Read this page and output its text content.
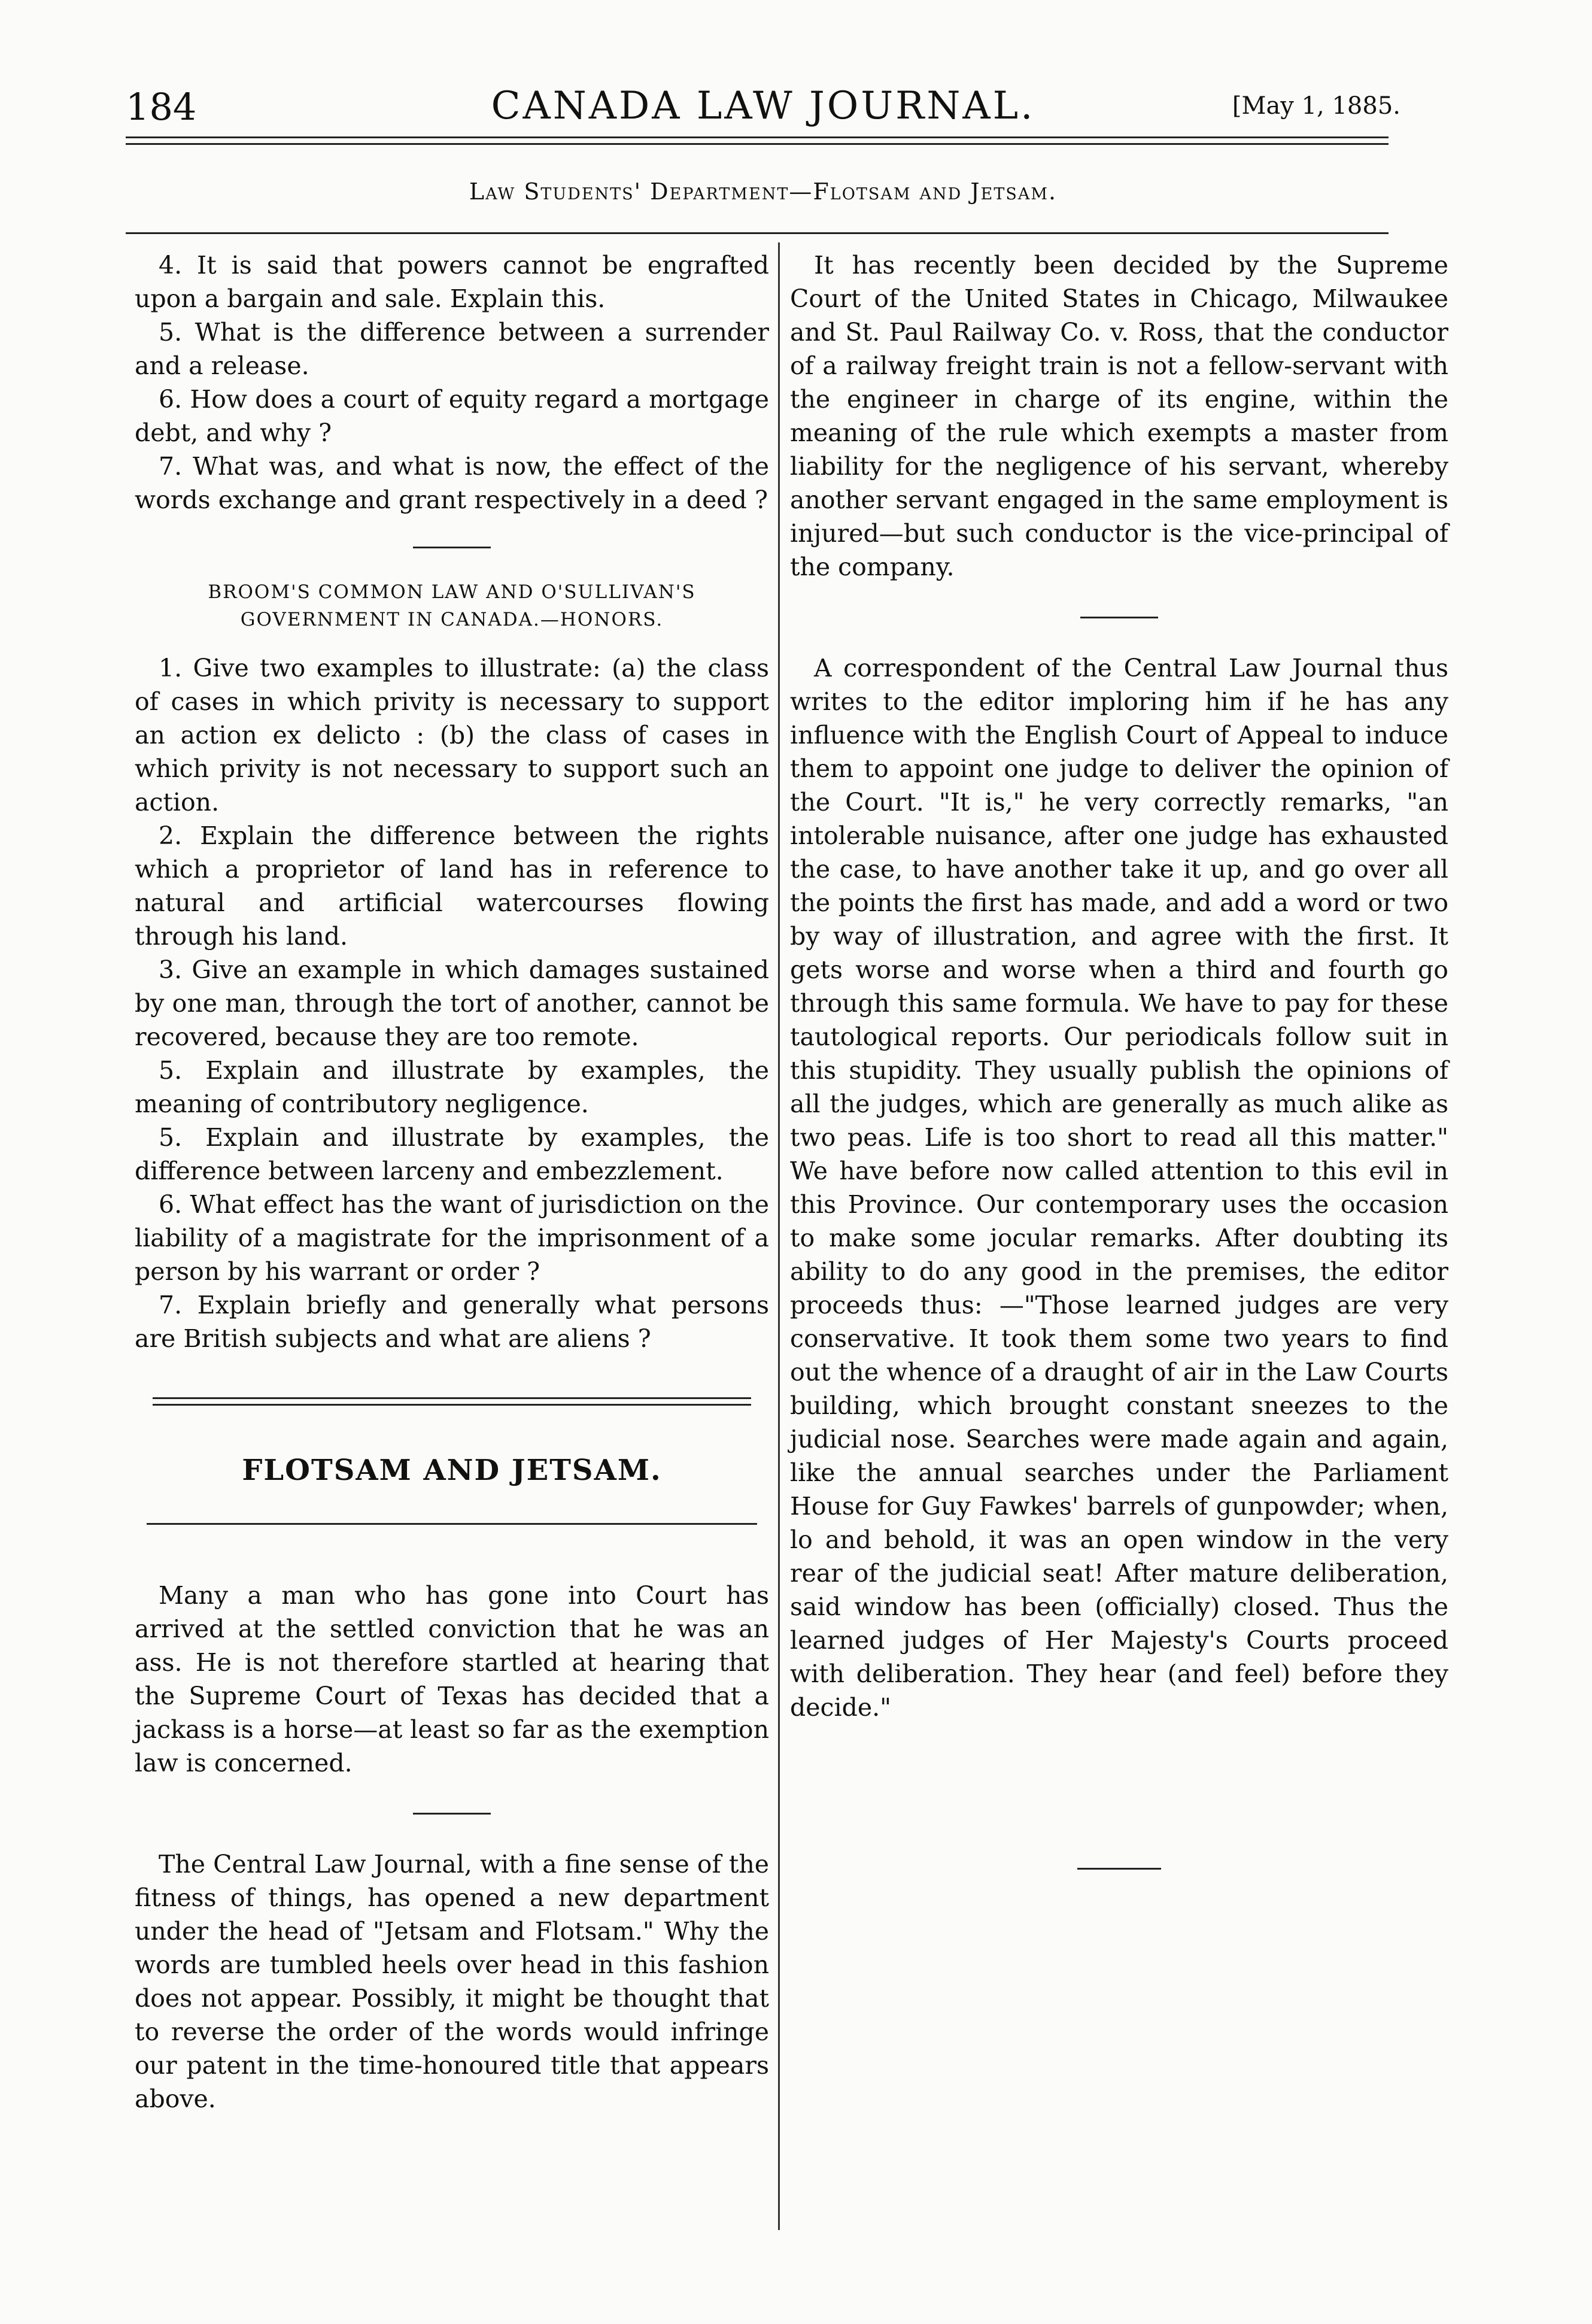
184	CANADA LAW JOURNAL.	[May 1, 1885.
Law Students' Department—Flotsam and Jetsam.

4. It is said that powers cannot be engrafted upon a bargain and sale. Explain this.

5. What is the difference between a surrender and a release.

6. How does a court of equity regard a mortgage debt, and why ?

7. What was, and what is now, the effect of the words exchange and grant respectively in a deed ?

BROOM'S COMMON LAW AND O'SULLIVAN'S GOVERNMENT IN CANADA.—HONORS.

1. Give two examples to illustrate: (a) the class of cases in which privity is necessary to support an action ex delicto : (b) the class of cases in which privity is not necessary to support such an action.

2. Explain the difference between the rights which a proprietor of land has in reference to natural and artificial watercourses flowing through his land.

3. Give an example in which damages sustained by one man, through the tort of another, cannot be recovered, because they are too remote.

5. Explain and illustrate by examples, the meaning of contributory negligence.

5. Explain and illustrate by examples, the difference between larceny and embezzlement.

6. What effect has the want of jurisdiction on the liability of a magistrate for the imprisonment of a person by his warrant or order ?

7. Explain briefly and generally what persons are British subjects and what are aliens ?

FLOTSAM AND JETSAM.

Many a man who has gone into Court has arrived at the settled conviction that he was an ass. He is not therefore startled at hearing that the Supreme Court of Texas has decided that a jackass is a horse—at least so far as the exemption law is concerned.

The Central Law Journal, with a fine sense of the fitness of things, has opened a new department under the head of "Jetsam and Flotsam." Why the words are tumbled heels over head in this fashion does not appear. Possibly, it might be thought that to reverse the order of the words would infringe our patent in the time-honoured title that appears above.

It has recently been decided by the Supreme Court of the United States in Chicago, Milwaukee and St. Paul Railway Co. v. Ross, that the conductor of a railway freight train is not a fellow-servant with the engineer in charge of its engine, within the meaning of the rule which exempts a master from liability for the negligence of his servant, whereby another servant engaged in the same employment is injured—but such conductor is the vice-principal of the company.

A correspondent of the Central Law Journal thus writes to the editor imploring him if he has any influence with the English Court of Appeal to induce them to appoint one judge to deliver the opinion of the Court. "It is," he very correctly remarks, "an intolerable nuisance, after one judge has exhausted the case, to have another take it up, and go over all the points the first has made, and add a word or two by way of illustration, and agree with the first. It gets worse and worse when a third and fourth go through this same formula. We have to pay for these tautological reports. Our periodicals follow suit in this stupidity. They usually publish the opinions of all the judges, which are generally as much alike as two peas. Life is too short to read all this matter." We have before now called attention to this evil in this Province. Our contemporary uses the occasion to make some jocular remarks. After doubting its ability to do any good in the premises, the editor proceeds thus: —"Those learned judges are very conservative. It took them some two years to find out the whence of a draught of air in the Law Courts building, which brought constant sneezes to the judicial nose. Searches were made again and again, like the annual searches under the Parliament House for Guy Fawkes' barrels of gunpowder; when, lo and behold, it was an open window in the very rear of the judicial seat! After mature deliberation, said window has been (officially) closed. Thus the learned judges of Her Majesty's Courts proceed with deliberation. They hear (and feel) before they decide."
